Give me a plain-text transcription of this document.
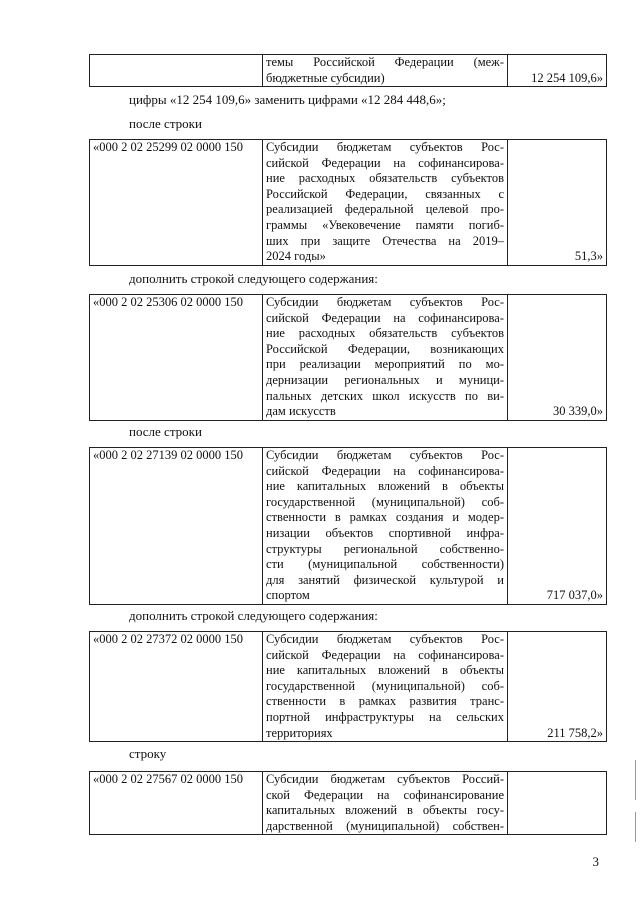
темы Российской Федерации (меж-
бюджетные субсидии)	12 254 109,6»
цифры «12 254 109,6» заменить цифрами «12 284 448,6»;
после строки
«000 2 02 25299 02 0000 150	Субсидии бюджетам субъектов Рос-
сийской Федерации на софинансирова-
ние расходных обязательств субъектов
Российской Федерации, связанных с
реализацией федеральной целевой про-
граммы «Увековечение памяти погиб-
ших при защите Отечества на 2019–
2024 годы»	51,3»
дополнить строкой следующего содержания:
«000 2 02 25306 02 0000 150	Субсидии бюджетам субъектов Рос-
сийской Федерации на софинансирова-
ние расходных обязательств субъектов
Российской Федерации, возникающих
при реализации мероприятий по мо-
дернизации региональных и муници-
пальных детских школ искусств по ви-
дам искусств	30 339,0»
после строки
«000 2 02 27139 02 0000 150	Субсидии бюджетам субъектов Рос-
сийской Федерации на софинансирова-
ние капитальных вложений в объекты
государственной (муниципальной) соб-
ственности в рамках создания и модер-
низации объектов спортивной инфра-
структуры региональной собственно-
сти (муниципальной собственности)
для занятий физической культурой и
спортом	717 037,0»
дополнить строкой следующего содержания:
«000 2 02 27372 02 0000 150	Субсидии бюджетам субъектов Рос-
сийской Федерации на софинансирова-
ние капитальных вложений в объекты
государственной (муниципальной) соб-
ственности в рамках развития транс-
портной инфраструктуры на сельских
территориях	211 758,2»
строку
«000 2 02 27567 02 0000 150	Субсидии бюджетам субъектов Россий-
ской Федерации на софинансирование
капитальных вложений в объекты госу-
дарственной (муниципальной) собствен-

3
